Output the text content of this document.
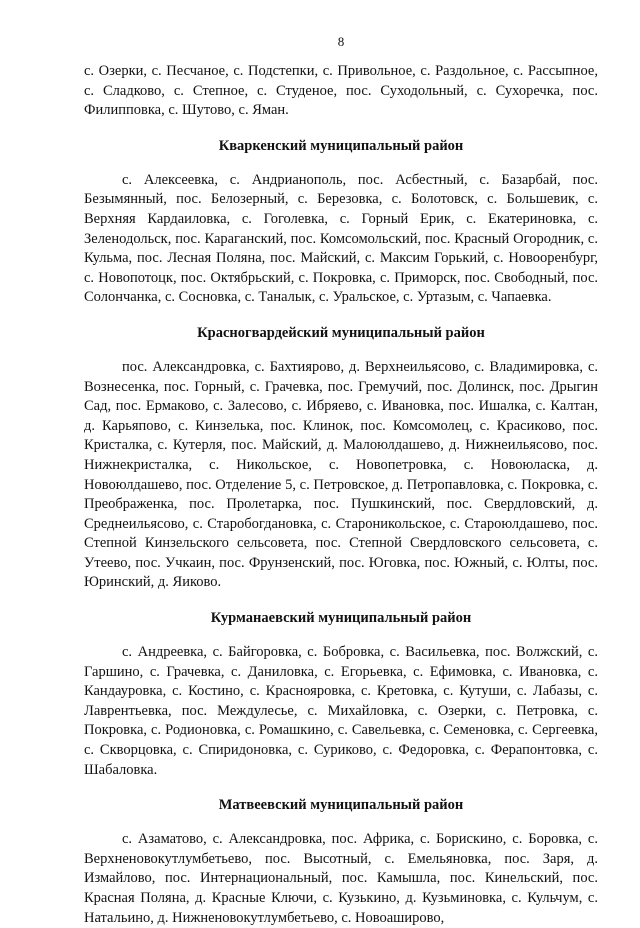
8

с. Озерки, с. Песчаное, с. Подстепки, с. Привольное, с. Раздольное, с. Рассыпное, с. Сладково, с. Степное, с. Студеное, пос. Суходольный, с. Сухоречка, пос. Филипповка, с. Шутово, с. Яман.

Кваркенский муниципальный район

с. Алексеевка, с. Андрианополь, пос. Асбестный, с. Базарбай, пос. Безымянный, пос. Белозерный, с. Березовка, с. Болотовск, с. Большевик, с. Верхняя Кардаиловка, с. Гоголевка, с. Горный Ерик, с. Екатериновка, с. Зеленодольск, пос. Караганский, пос. Комсомольский, пос. Красный Огородник, с. Кульма, пос. Лесная Поляна, пос. Майский, с. Максим Горький, с. Новооренбург, с. Новопотоцк, пос. Октябрьский, с. Покровка, с. Приморск, пос. Свободный, пос. Солончанка, с. Сосновка, с. Таналык, с. Уральское, с. Уртазым, с. Чапаевка.

Красногвардейский муниципальный район

пос. Александровка, с. Бахтиярово, д. Верхнеильясово, с. Владимировка, с. Вознесенка, пос. Горный, с. Грачевка, пос. Гремучий, пос. Долинск, пос. Дрыгин Сад, пос. Ермаково, с. Залесово, с. Ибряево, с. Ивановка, пос. Ишалка, с. Калтан, д. Карьяпово, с. Кинзелька, пос. Клинок, пос. Комсомолец, с. Красиково, пос. Кристалка, с. Кутерля, пос. Майский, д. Малоюлдашево, д. Нижнеильясово, пос. Нижнекристалка, с. Никольское, с. Новопетровка, с. Новоюласка, д. Новоюлдашево, пос. Отделение 5, с. Петровское, д. Петропавловка, с. Покровка, с. Преображенка, пос. Пролетарка, пос. Пушкинский, пос. Свердловский, д. Среднеильясово, с. Старобогдановка, с. Староникольское, с. Староюлдашево, пос. Степной Кинзельского сельсовета, пос. Степной Свердловского сельсовета, с. Утеево, пос. Учкаин, пос. Фрунзенский, пос. Юговка, пос. Южный, с. Юлты, пос. Юринский, д. Яиково.

Курманаевский муниципальный район

с. Андреевка, с. Байгоровка, с. Бобровка, с. Васильевка, пос. Волжский, с. Гаршино, с. Грачевка, с. Даниловка, с. Егорьевка, с. Ефимовка, с. Ивановка, с. Кандауровка, с. Костино, с. Краснояровка, с. Кретовка, с. Кутуши, с. Лабазы, с. Лаврентьевка, пос. Междулесье, с. Михайловка, с. Озерки, с. Петровка, с. Покровка, с. Родионовка, с. Ромашкино, с. Савельевка, с. Семеновка, с. Сергеевка, с. Скворцовка, с. Спиридоновка, с. Суриково, с. Федоровка, с. Ферапонтовка, с. Шабаловка.

Матвеевский муниципальный район

с. Азаматово, с. Александровка, пос. Африка, с. Борискино, с. Боровка, с. Верхненовокутлумбетьево, пос. Высотный, с. Емельяновка, пос. Заря, д. Измайлово, пос. Интернациональный, пос. Камышла, пос. Кинельский, пос. Красная Поляна, д. Красные Ключи, с. Кузькино, д. Кузьминовка, с. Кульчум, с. Натальино, д. Нижненовокутлумбетьево, с. Новоаширово,
